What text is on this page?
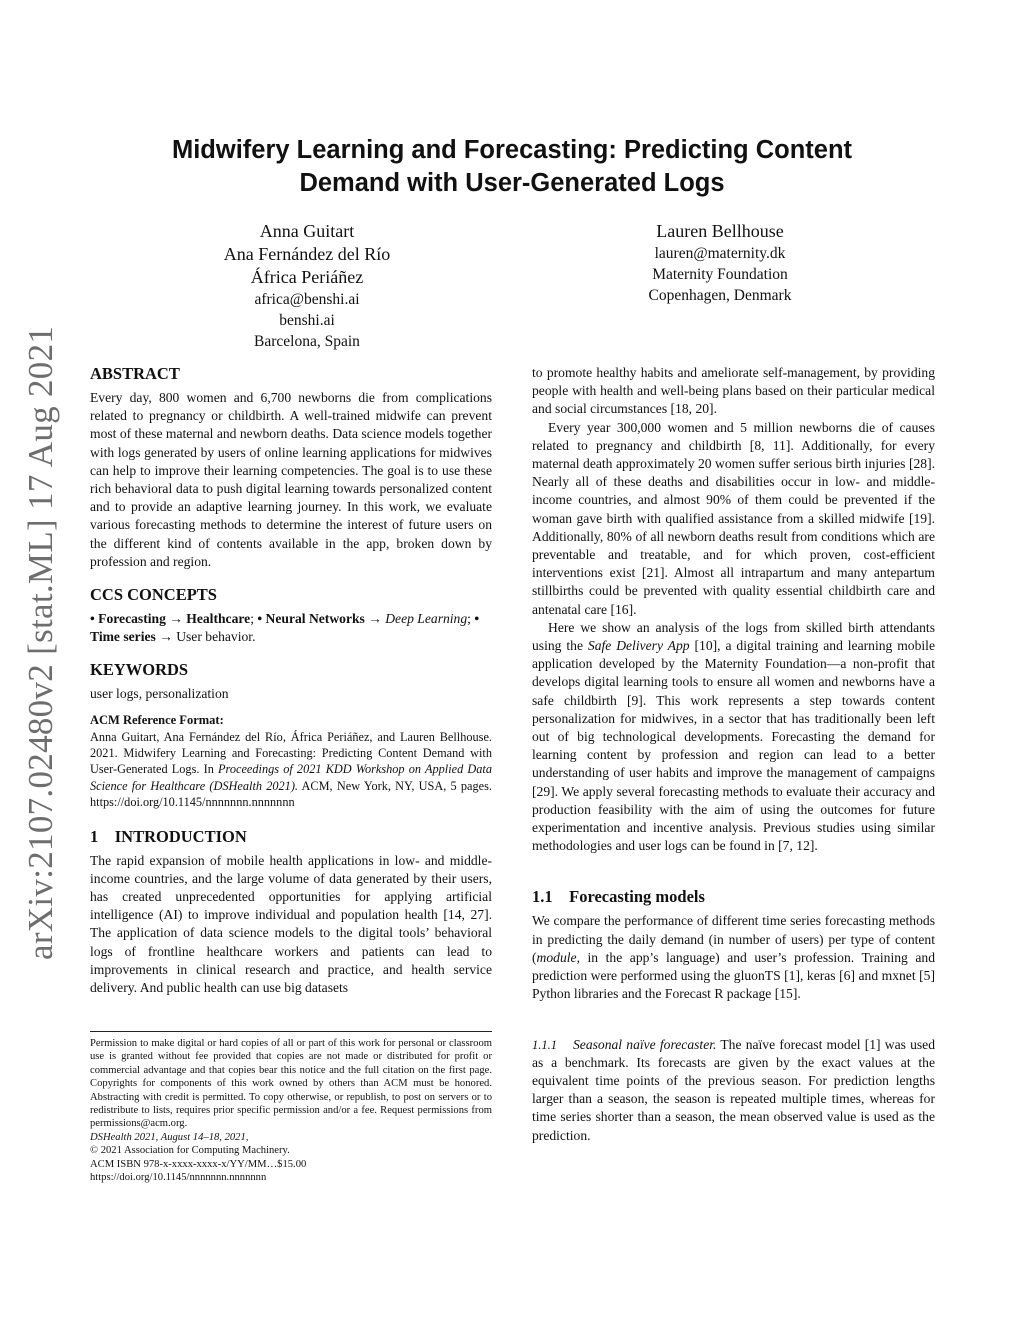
Midwifery Learning and Forecasting: Predicting Content
Demand with User-Generated Logs
Anna Guitart
Ana Fernández del Río
África Periáñez
africa@benshi.ai
benshi.ai
Barcelona, Spain
Lauren Bellhouse
lauren@maternity.dk
Maternity Foundation
Copenhagen, Denmark
arXiv:2107.02480v2 [stat.ML] 17 Aug 2021 ABSTRACT

Every day, 800 women and 6,700 newborns die from complications related to pregnancy or childbirth. A well-trained midwife can prevent most of these maternal and newborn deaths. Data science models together with logs generated by users of online learning applications for midwives can help to improve their learning competencies. The goal is to use these rich behavioral data to push digital learning towards personalized content and to provide an adaptive learning journey. In this work, we evaluate various forecasting methods to determine the interest of future users on the different kind of contents available in the app, broken down by profession and region.

CCS CONCEPTS

• Forecasting → Healthcare; • Neural Networks → Deep Learning; • Time series → User behavior.

KEYWORDS

user logs, personalization

ACM Reference Format:

Anna Guitart, Ana Fernández del Río, África Periáñez, and Lauren Bellhouse. 2021. Midwifery Learning and Forecasting: Predicting Content Demand with User-Generated Logs. In Proceedings of 2021 KDD Workshop on Applied Data Science for Healthcare (DSHealth 2021). ACM, New York, NY, USA, 5 pages. https://doi.org/10.1145/nnnnnnn.nnnnnnn

1    INTRODUCTION

The rapid expansion of mobile health applications in low- and middle-income countries, and the large volume of data generated by their users, has created unprecedented opportunities for applying artificial intelligence (AI) to improve individual and population health [14, 27]. The application of data science models to the digital tools’ behavioral logs of frontline healthcare workers and patients can lead to improvements in clinical research and practice, and health service delivery. And public health can use big datasets

Permission to make digital or hard copies of all or part of this work for personal or classroom use is granted without fee provided that copies are not made or distributed for profit or commercial advantage and that copies bear this notice and the full citation on the first page. Copyrights for components of this work owned by others than ACM must be honored. Abstracting with credit is permitted. To copy otherwise, or republish, to post on servers or to redistribute to lists, requires prior specific permission and/or a fee. Request permissions from permissions@acm.org.

DSHealth 2021, August 14–18, 2021,

© 2021 Association for Computing Machinery.

ACM ISBN 978-x-xxxx-xxxx-x/YY/MM…$15.00

https://doi.org/10.1145/nnnnnnn.nnnnnnn

to promote healthy habits and ameliorate self-management, by providing people with health and well-being plans based on their particular medical and social circumstances [18, 20].

Every year 300,000 women and 5 million newborns die of causes related to pregnancy and childbirth [8, 11]. Additionally, for every maternal death approximately 20 women suffer serious birth injuries [28]. Nearly all of these deaths and disabilities occur in low- and middle-income countries, and almost 90% of them could be prevented if the woman gave birth with qualified assistance from a skilled midwife [19]. Additionally, 80% of all newborn deaths result from conditions which are preventable and treatable, and for which proven, cost-efficient interventions exist [21]. Almost all intrapartum and many antepartum stillbirths could be prevented with quality essential childbirth care and antenatal care [16].

Here we show an analysis of the logs from skilled birth attendants using the Safe Delivery App [10], a digital training and learning mobile application developed by the Maternity Foundation—a non-profit that develops digital learning tools to ensure all women and newborns have a safe childbirth [9]. This work represents a step towards content personalization for midwives, in a sector that has traditionally been left out of big technological developments. Forecasting the demand for learning content by profession and region can lead to a better understanding of user habits and improve the management of campaigns [29]. We apply several forecasting methods to evaluate their accuracy and production feasibility with the aim of using the outcomes for future experimentation and incentive analysis. Previous studies using similar methodologies and user logs can be found in [7, 12].

1.1    Forecasting models

We compare the performance of different time series forecasting methods in predicting the daily demand (in number of users) per type of content (module, in the app’s language) and user’s profession. Training and prediction were performed using the gluonTS [1], keras [6] and mxnet [5] Python libraries and the Forecast R package [15].

1.1.1 Seasonal naïve forecaster. The naïve forecast model [1] was used as a benchmark. Its forecasts are given by the exact values at the equivalent time points of the previous season. For prediction lengths larger than a season, the season is repeated multiple times, whereas for time series shorter than a season, the mean observed value is used as the prediction.
